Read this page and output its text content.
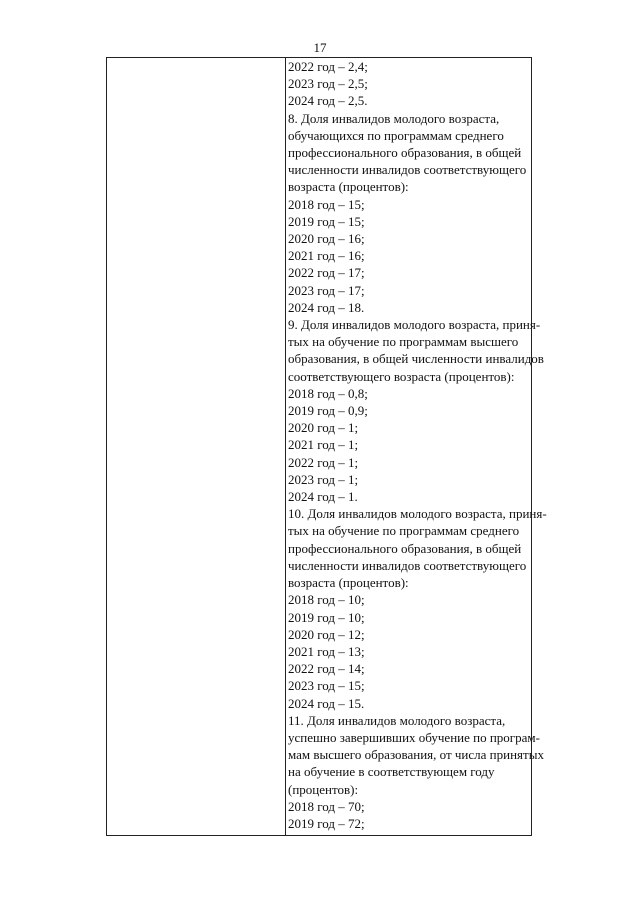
17
2022 год – 2,4;
2023 год – 2,5;
2024 год – 2,5.
8. Доля инвалидов молодого возраста,
обучающихся по программам среднего
профессионального образования, в общей
численности инвалидов соответствующего
возраста (процентов):
2018 год – 15;
2019 год – 15;
2020 год – 16;
2021 год – 16;
2022 год – 17;
2023 год – 17;
2024 год – 18.
9. Доля инвалидов молодого возраста, приня-
тых на обучение по программам высшего
образования, в общей численности инвалидов
соответствующего возраста (процентов):
2018 год – 0,8;
2019 год – 0,9;
2020 год – 1;
2021 год – 1;
2022 год – 1;
2023 год – 1;
2024 год – 1.
10. Доля инвалидов молодого возраста, приня-
тых на обучение по программам среднего
профессионального образования, в общей
численности инвалидов соответствующего
возраста (процентов):
2018 год – 10;
2019 год – 10;
2020 год – 12;
2021 год – 13;
2022 год – 14;
2023 год – 15;
2024 год – 15.
11. Доля инвалидов молодого возраста,
успешно завершивших обучение по програм-
мам высшего образования, от числа принятых
на обучение в соответствующем году
(процентов):
2018 год – 70;
2019 год – 72;
